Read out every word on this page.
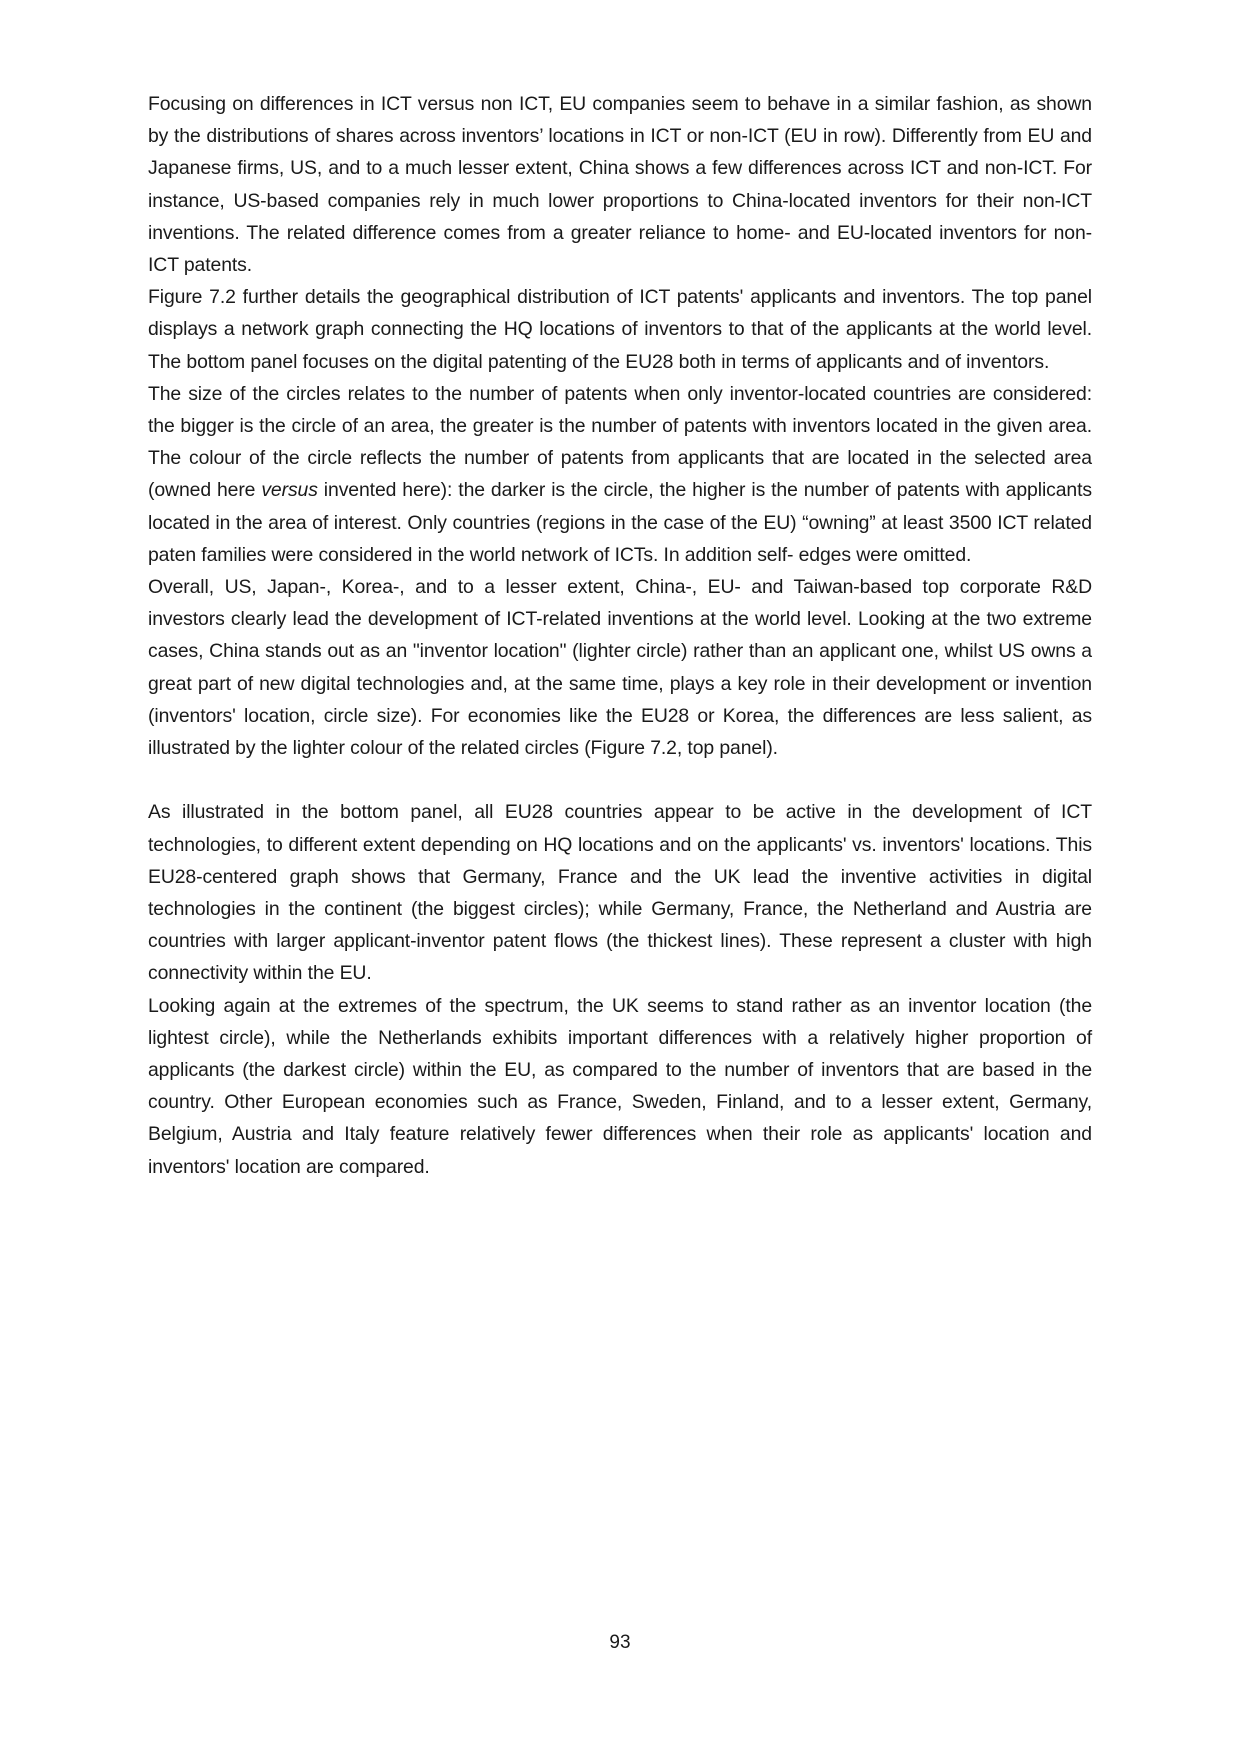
Focusing on differences in ICT versus non ICT, EU companies seem to behave in a similar fashion, as shown by the distributions of shares across inventors’ locations in ICT or non-ICT (EU in row). Differently from EU and Japanese firms, US, and to a much lesser extent, China shows a few differences across ICT and non-ICT. For instance, US-based companies rely in much lower proportions to China-located inventors for their non-ICT inventions. The related difference comes from a greater reliance to home- and EU-located inventors for non-ICT patents.

Figure 7.2 further details the geographical distribution of ICT patents' applicants and inventors. The top panel displays a network graph connecting the HQ locations of inventors to that of the applicants at the world level. The bottom panel focuses on the digital patenting of the EU28 both in terms of applicants and of inventors.

The size of the circles relates to the number of patents when only inventor-located countries are considered: the bigger is the circle of an area, the greater is the number of patents with inventors located in the given area. The colour of the circle reflects the number of patents from applicants that are located in the selected area (owned here versus invented here): the darker is the circle, the higher is the number of patents with applicants located in the area of interest. Only countries (regions in the case of the EU) “owning” at least 3500 ICT related paten families were considered in the world network of ICTs. In addition self- edges were omitted.

Overall, US, Japan-, Korea-, and to a lesser extent, China-, EU- and Taiwan-based top corporate R&D investors clearly lead the development of ICT-related inventions at the world level. Looking at the two extreme cases, China stands out as an "inventor location" (lighter circle) rather than an applicant one, whilst US owns a great part of new digital technologies and, at the same time, plays a key role in their development or invention (inventors' location, circle size). For economies like the EU28 or Korea, the differences are less salient, as illustrated by the lighter colour of the related circles (Figure 7.2, top panel).

As illustrated in the bottom panel, all EU28 countries appear to be active in the development of ICT technologies, to different extent depending on HQ locations and on the applicants' vs. inventors' locations. This EU28-centered graph shows that Germany, France and the UK lead the inventive activities in digital technologies in the continent (the biggest circles); while Germany, France, the Netherland and Austria are countries with larger applicant-inventor patent flows (the thickest lines). These represent a cluster with high connectivity within the EU.

Looking again at the extremes of the spectrum, the UK seems to stand rather as an inventor location (the lightest circle), while the Netherlands exhibits important differences with a relatively higher proportion of applicants (the darkest circle) within the EU, as compared to the number of inventors that are based in the country. Other European economies such as France, Sweden, Finland, and to a lesser extent, Germany, Belgium, Austria and Italy feature relatively fewer differences when their role as applicants' location and inventors' location are compared.

93
